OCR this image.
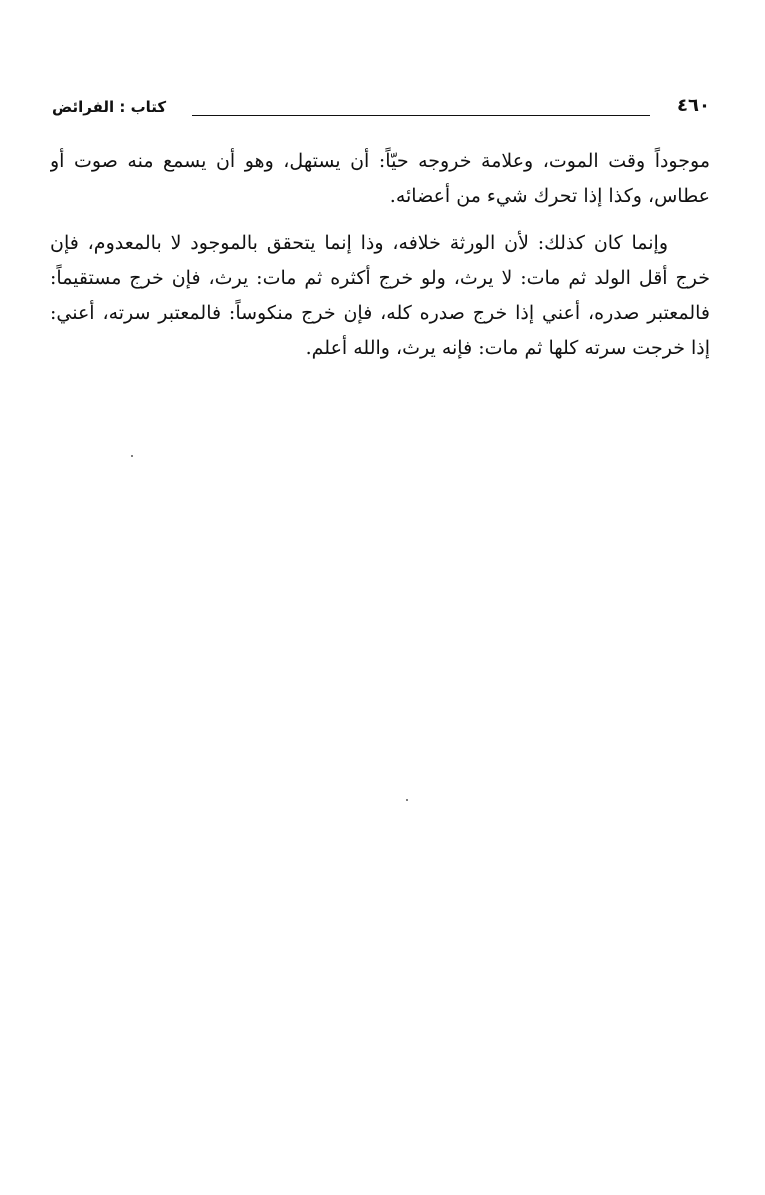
٤٦٠
كتاب : الفرائض

موجوداً وقت الموت، وعلامة خروجه حيّاً: أن يستهل، وهو أن يسمع منه صوت أو
عطاس، وكذا إذا تحرك شيء من أعضائه.

وإنما كان كذلك: لأن الورثة خلافه، وذا إنما يتحقق بالموجود لا بالمعدوم، فإن
خرج أقل الولد ثم مات: لا يرث، ولو خرج أكثره ثم مات: يرث، فإن خرج مستقيماً:
فالمعتبر صدره، أعني إذا خرج صدره كله، فإن خرج منكوساً: فالمعتبر سرته، أعني:
إذا خرجت سرته كلها ثم مات: فإنه يرث، والله أعلم.
